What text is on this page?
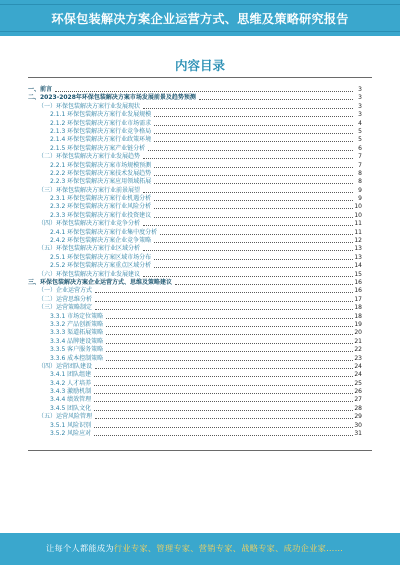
环保包装解决方案企业运营方式、思维及策略研究报告
内容目录
一、前言	3
二、2023-2028年环保包装解决方案市场发展前景及趋势预测	3
（一）环保包装解决方案行业发展现状	3
2.1.1 环保包装解决方案行业发展规模	3
2.1.2 环保包装解决方案行业市场需求	4
2.1.3 环保包装解决方案行业竞争格局	5
2.1.4 环保包装解决方案行业政策环境	5
2.1.5 环保包装解决方案产业链分析	6
（二）环保包装解决方案行业发展趋势	7
2.2.1 环保包装解决方案市场规模预测	7
2.2.2 环保包装解决方案技术发展趋势	8
2.2.3 环保包装解决方案应用领域拓展	8
（三）环保包装解决方案行业前景展望	9
2.3.1 环保包装解决方案行业机遇分析	9
2.3.2 环保包装解决方案行业风险分析	10
2.3.3 环保包装解决方案行业投资建议	10
（四）环保包装解决方案行业竞争分析	11
2.4.1 环保包装解决方案行业集中度分析	11
2.4.2 环保包装解决方案企业竞争策略	12
（五）环保包装解决方案行业区域分析	13
2.5.1 环保包装解决方案区域市场分布	13
2.5.2 环保包装解决方案重点区域分析	14
（六）环保包装解决方案行业发展建议	15
三、环保包装解决方案企业运营方式、思维及策略建议	16
（一）企业运营方式	16
（二）运营思维分析	17
（三）运营策略制定	18
3.3.1 市场定位策略	18
3.3.2 产品创新策略	19
3.3.3 渠道拓展策略	20
3.3.4 品牌建设策略	21
3.3.5 客户服务策略	22
3.3.6 成本控制策略	23
（四）运营团队建设	24
3.4.1 团队组建	24
3.4.2 人才培养	25
3.4.3 激励机制	26
3.4.4 绩效管理	27
3.4.5 团队文化	28
（五）运营风险管理	29
3.5.1 风险识别	30
3.5.2 风险应对	31
让每个人都能成为行业专家、管理专家、营销专家、战略专家、成功企业家……
